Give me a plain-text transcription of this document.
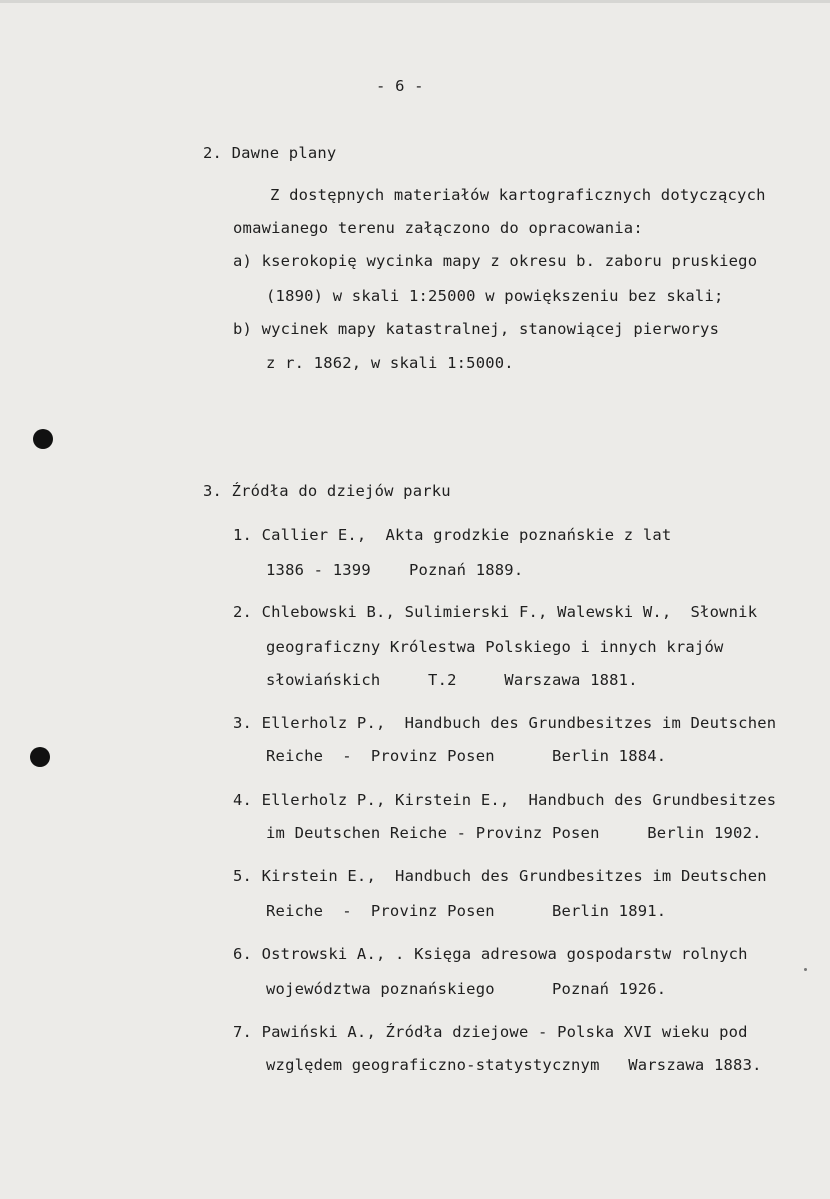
- 6 -
2. Dawne plany
Z dostępnych materiałów kartograficznych dotyczących
omawianego terenu załączono do opracowania:
a) kserokopię wycinka mapy z okresu b. zaboru pruskiego
(1890) w skali 1:25000 w powiększeniu bez skali;
b) wycinek mapy katastralnej, stanowiącej pierworys
z r. 1862, w skali 1:5000.
3. Źródła do dziejów parku
1. Callier E.,  Akta grodzkie poznańskie z lat
1386 - 1399    Poznań 1889.
2. Chlebowski B., Sulimierski F., Walewski W.,  Słownik
geograficzny Królestwa Polskiego i innych krajów
słowiańskich     T.2     Warszawa 1881.
3. Ellerholz P.,  Handbuch des Grundbesitzes im Deutschen
Reiche  -  Provinz Posen      Berlin 1884.
4. Ellerholz P., Kirstein E.,  Handbuch des Grundbesitzes
im Deutschen Reiche - Provinz Posen     Berlin 1902.
5. Kirstein E.,  Handbuch des Grundbesitzes im Deutschen
Reiche  -  Provinz Posen      Berlin 1891.
6. Ostrowski A., . Księga adresowa gospodarstw rolnych
województwa poznańskiego      Poznań 1926.
7. Pawiński A., Źródła dziejowe - Polska XVI wieku pod
względem geograficzno-statystycznym   Warszawa 1883.
